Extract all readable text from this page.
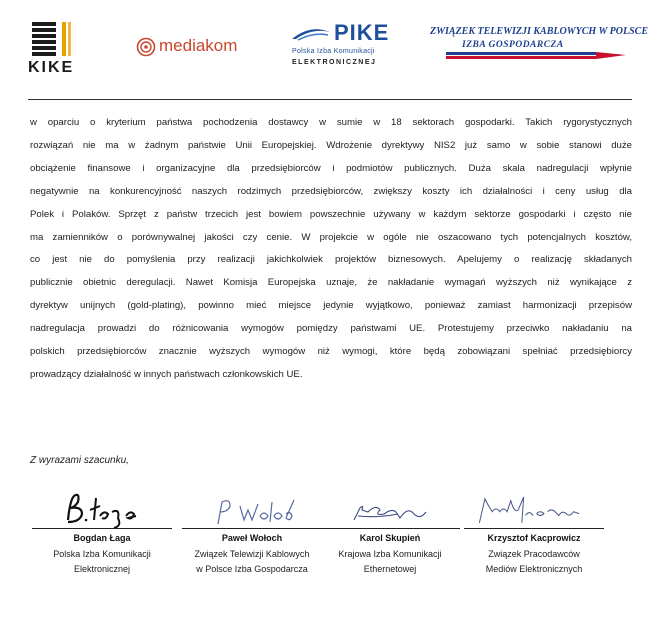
KIKE
mediakom
PIKE
Polska Izba Komunikacji
ELEKTRONICZNEJ
ZWIĄZEK TELEWIZJI KABLOWYCH W POLSCE
IZBA GOSPODARCZA
w oparciu o kryterium państwa pochodzenia dostawcy w sumie w 18 sektorach gospodarki. Takich rygorystycznych
rozwiązań nie ma w żadnym państwie Unii Europejskiej. Wdrożenie dyrektywy NIS2 już samo w sobie stanowi duże
obciążenie finansowe i organizacyjne dla przedsiębiorców i podmiotów publicznych. Duża skala nadregulacji wpłynie
negatywnie na konkurencyjność naszych rodzimych przedsiębiorców, zwiększy koszty ich działalności i ceny usług dla
Polek i Polaków. Sprzęt z państw trzecich jest bowiem powszechnie używany w każdym sektorze gospodarki i często nie
ma zamienników o porównywalnej jakości czy cenie. W projekcie w ogóle nie oszacowano tych potencjalnych kosztów,
co jest nie do pomyślenia przy realizacji jakichkolwiek projektów biznesowych. Apelujemy o realizację składanych
publicznie obietnic deregulacji. Nawet Komisja Europejska uznaje, że nakładanie wymagań wyższych niż wynikające z
dyrektyw unijnych (gold-plating), powinno mieć miejsce jedynie wyjątkowo, ponieważ zamiast harmonizacji przepisów
nadregulacja prowadzi do różnicowania wymogów pomiędzy państwami UE. Protestujemy przeciwko nakładaniu na
polskich przedsiębiorców znacznie wyższych wymogów niż wymogi, które będą zobowiązani spełniać przedsiębiorcy
prowadzący działalność w innych państwach członkowskich UE.
Z wyrazami szacunku,
Bogdan Łaga
Polska Izba Komunikacji
Elektronicznej
Paweł Wołoch
Związek Telewizji Kablowych
w Polsce Izba Gospodarcza
Karol Skupień
Krajowa Izba Komunikacji
Ethernetowej
Krzysztof Kacprowicz
Związek Pracodawców
Mediów Elektronicznych
